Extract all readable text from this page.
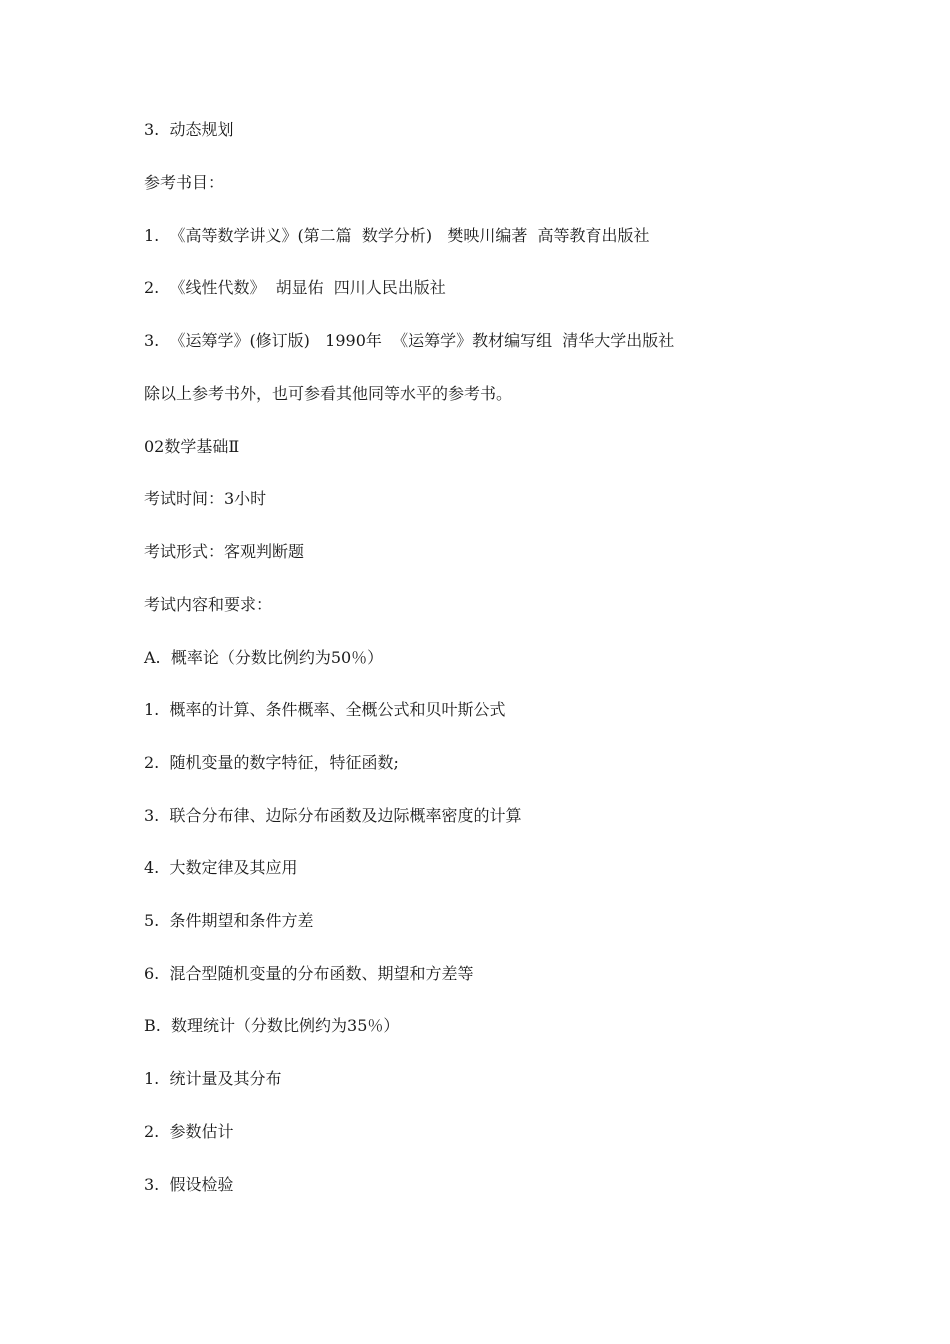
3.  动态规划

参考书目：

1.  《高等数学讲义》(第二篇  数学分析)   樊映川编著  高等教育出版社

2.  《线性代数》  胡显佑  四川人民出版社

3.  《运筹学》(修订版)   1990年  《运筹学》教材编写组  清华大学出版社

除以上参考书外，也可参看其他同等水平的参考书。

02数学基础Ⅱ

考试时间：3小时

考试形式：客观判断题

考试内容和要求：

A.  概率论（分数比例约为50％）

1.  概率的计算、条件概率、全概公式和贝叶斯公式

2.  随机变量的数字特征，特征函数;

3.  联合分布律、边际分布函数及边际概率密度的计算

4.  大数定律及其应用

5.  条件期望和条件方差

6.  混合型随机变量的分布函数、期望和方差等

B.  数理统计（分数比例约为35％）

1.  统计量及其分布

2.  参数估计

3.  假设检验
